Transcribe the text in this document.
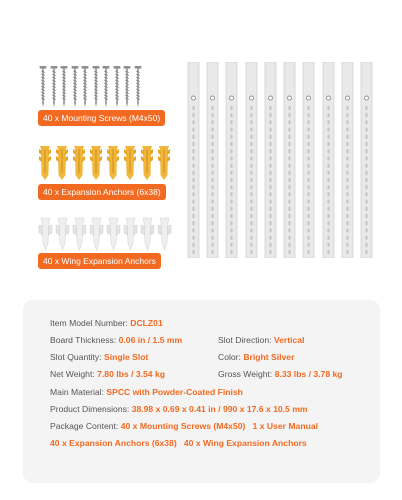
40 x Mounting Screws (M4x50)
40 x Expansion Anchors (6x38)
40 x Wing Expansion Anchors
Item Model Number: DCLZ01
Board Thickness: 0.06 in / 1.5 mm	Slot Direction: Vertical
Slot Quantity: Single Slot	Color: Bright Silver
Net Weight: 7.80 lbs / 3.54 kg	Gross Weight: 8.33 lbs / 3.78 kg
Main Material: SPCC with Powder-Coated Finish
Product Dimensions: 38.98 x 0.69 x 0.41 in / 990 x 17.6 x 10.5 mm
Package Content: 40 x Mounting Screws (M4x50) 1 x User Manual
40 x Expansion Anchors (6x38) 40 x Wing Expansion Anchors
